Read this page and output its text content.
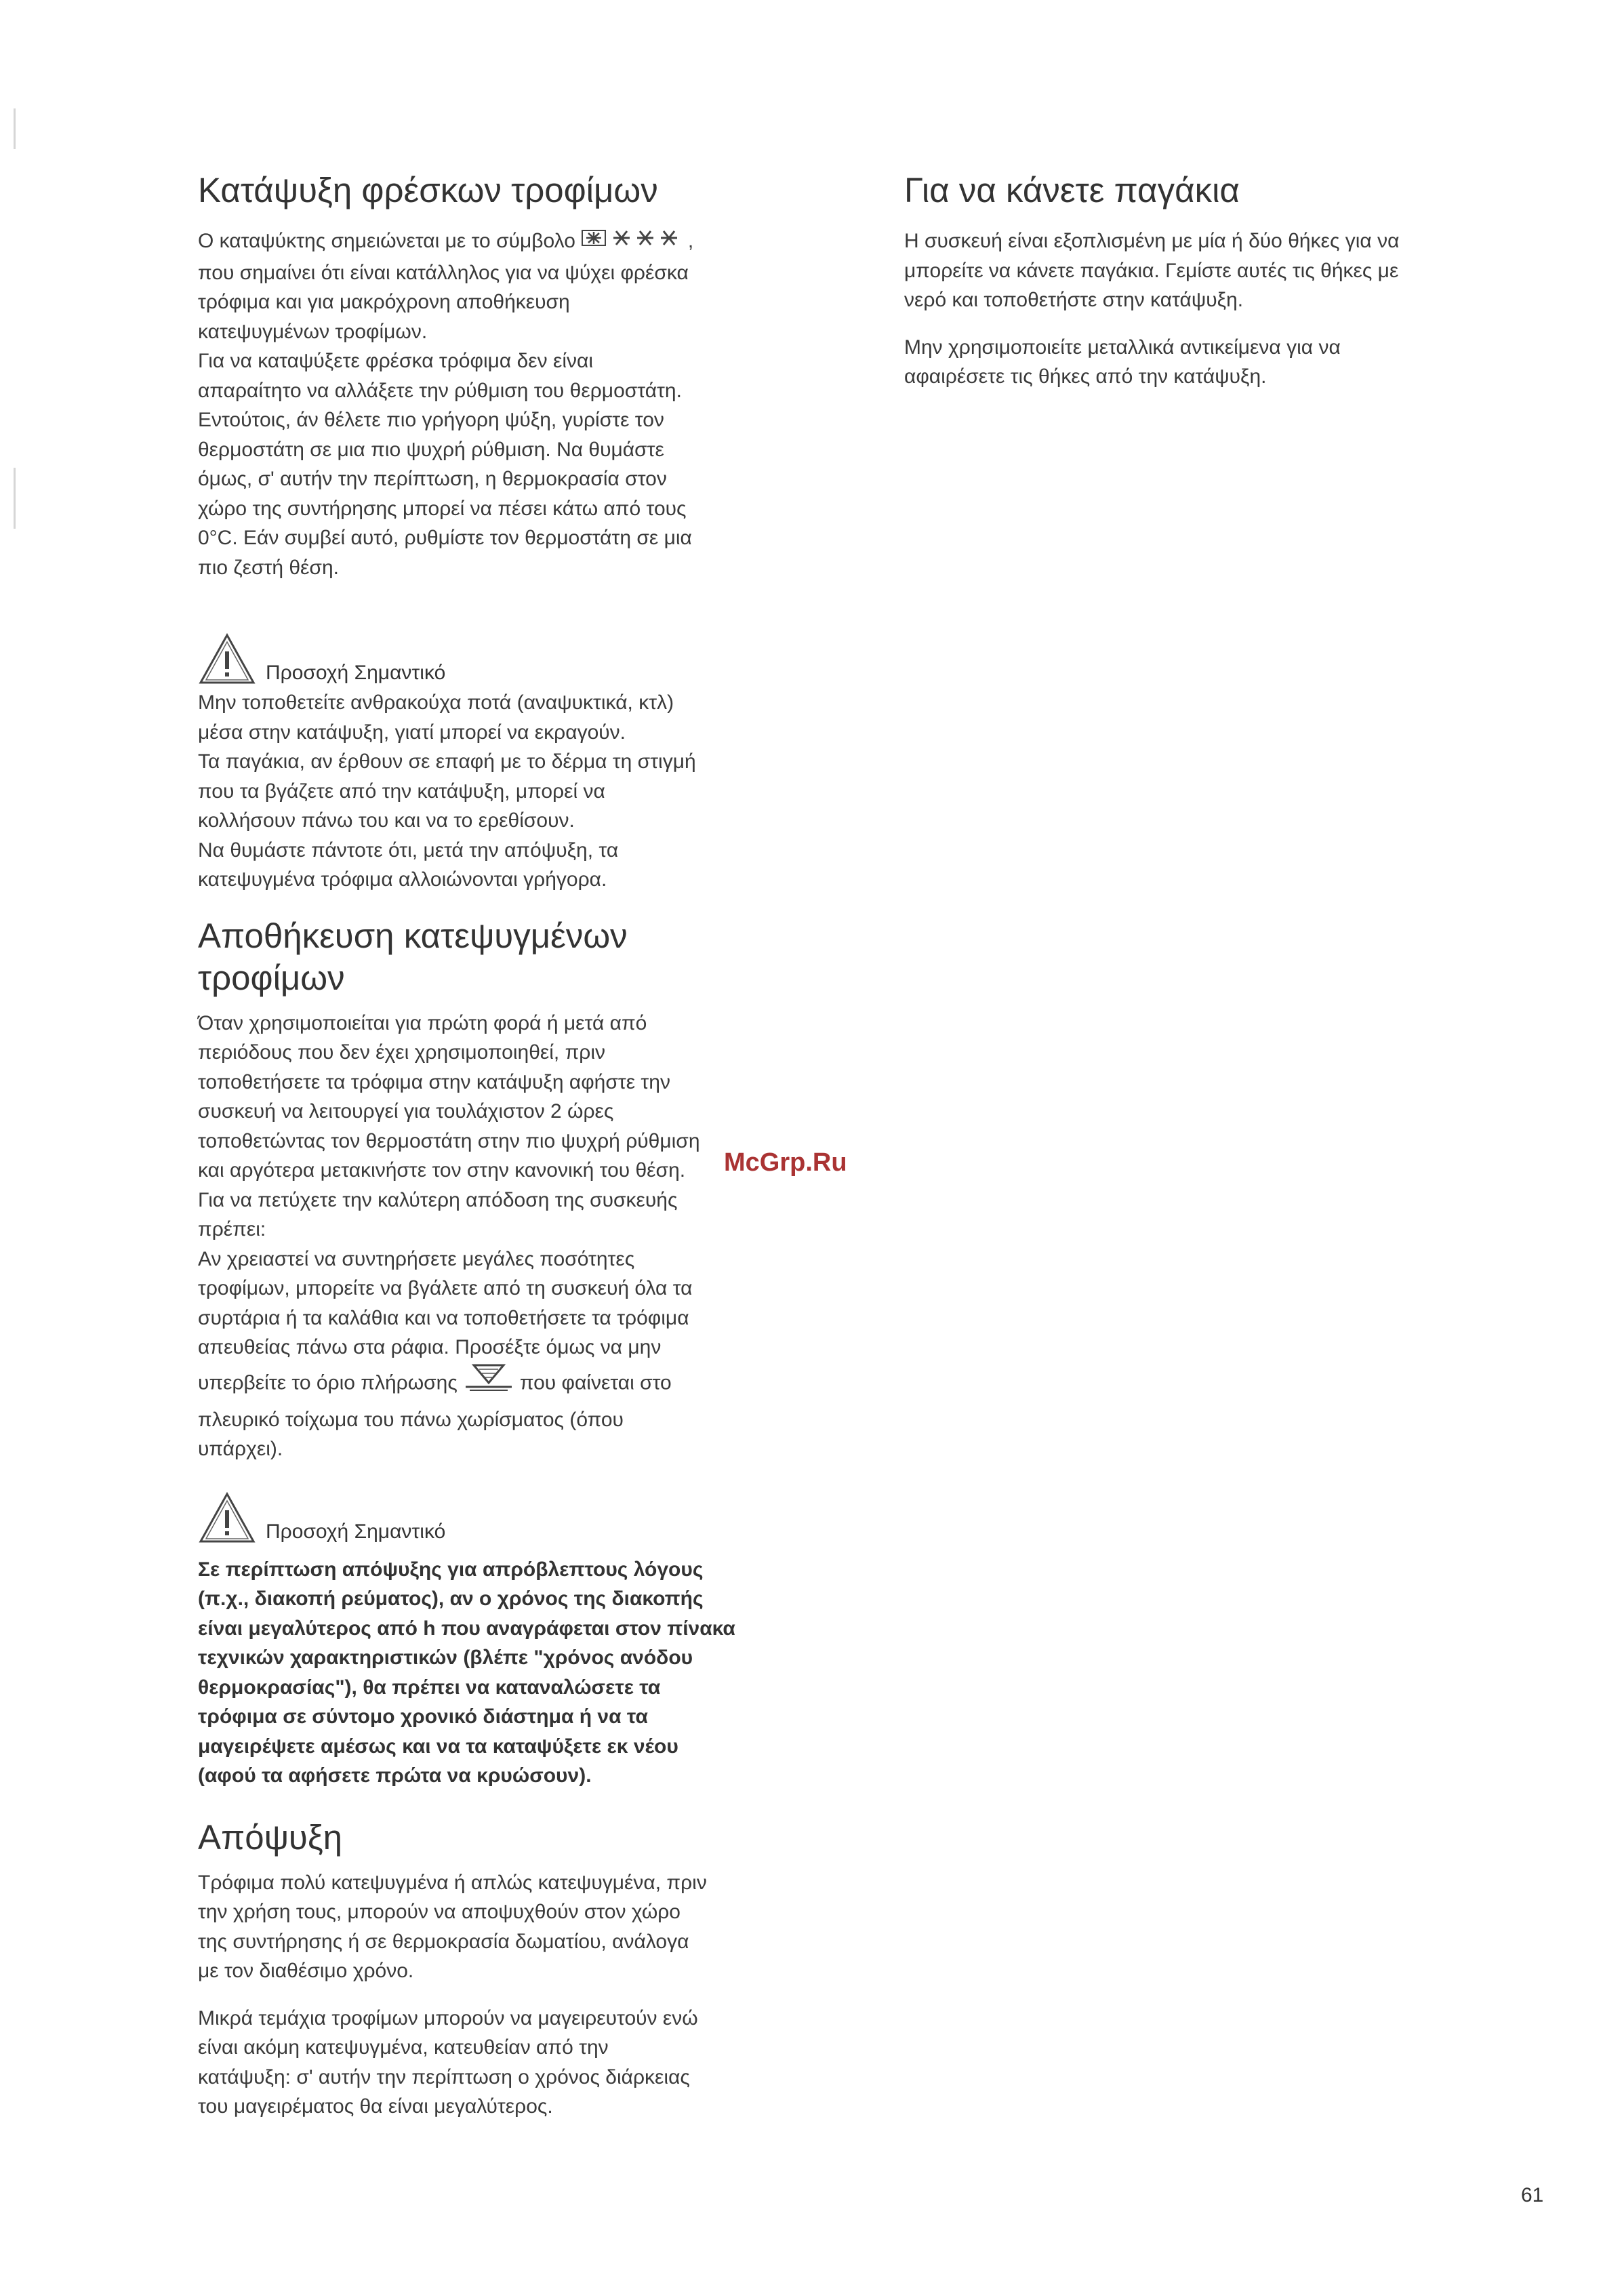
Κατάψυξη φρέσκων τροφίμων

Ο καταψύκτης σημειώνεται με το σύμβολο	,

που σημαίνει ότι είναι κατάλληλος για να ψύχει φρέσκα

τρόφιμα και για μακρόχρονη αποθήκευση

κατεψυγμένων τροφίμων.

Για να καταψύξετε φρέσκα τρόφιμα δεν είναι

απαραίτητο να αλλάξετε την ρύθμιση του θερμοστάτη.

Εντούτοις, άν θέλετε πιο γρήγορη ψύξη, γυρίστε τον

θερμοστάτη σε μια πιο ψυχρή ρύθμιση. Να θυμάστε

όμως, σ' αυτήν την περίπτωση, η θερμοκρασία στον

χώρο της συντήρησης μπορεί να πέσει κάτω από τους

0°C. Εάν συμβεί αυτό, ρυθμίστε τον θερμοστάτη σε μια

πιο ζεστή θέση.

Προσοχή Σημαντικό

Μην τοποθετείτε ανθρακούχα ποτά (αναψυκτικά, κτλ)

μέσα στην κατάψυξη, γιατί μπορεί να εκραγούν.

Τα παγάκια, αν έρθουν σε επαφή με το δέρμα τη στιγμή

που τα βγάζετε από την κατάψυξη, μπορεί να

κολλήσουν πάνω του και να το ερεθίσουν.

Να θυμάστε πάντοτε ότι, μετά την απόψυξη, τα

κατεψυγμένα τρόφιμα αλλοιώνονται γρήγορα.

Αποθήκευση κατεψυγμένων
τροφίμων

Όταν χρησιμοποιείται για πρώτη φορά ή μετά από

περιόδους που δεν έχει χρησιμοποιηθεί, πριν

τοποθετήσετε τα τρόφιμα στην κατάψυξη αφήστε την

συσκευή να λειτουργεί για τουλάχιστον 2 ώρες

τοποθετώντας τον θερμοστάτη στην πιο ψυχρή ρύθμιση

και αργότερα μετακινήστε τον στην κανονική του θέση.

Για να πετύχετε την καλύτερη απόδοση της συσκευής

πρέπει:

Αν χρειαστεί να συντηρήσετε μεγάλες ποσότητες

τροφίμων, μπορείτε να βγάλετε από τη συσκευή όλα τα

συρτάρια ή τα καλάθια και να τοποθετήσετε τα τρόφιμα

απευθείας πάνω στα ράφια. Προσέξτε όμως να μην

υπερβείτε το όριο πλήρωσης	που φαίνεται στο

πλευρικό τοίχωμα του πάνω χωρίσματος (όπου

υπάρχει).

Προσοχή Σημαντικό

Σε περίπτωση απόψυξης για απρόβλεπτους λόγους

(π.χ., διακοπή ρεύματος), αν ο χρόνος της διακοπής

είναι μεγαλύτερος από h που αναγράφεται στον πίνακα

τεχνικών χαρακτηριστικών (βλέπε "χρόνος ανόδου

θερμοκρασίας"), θα πρέπει να καταναλώσετε τα

τρόφιμα σε σύντομο χρονικό διάστημα ή να τα

μαγειρέψετε αμέσως και να τα καταψύξετε εκ νέου

(αφού τα αφήσετε πρώτα να κρυώσουν).

Απόψυξη

Τρόφιμα πολύ κατεψυγμένα ή απλώς κατεψυγμένα, πριν

την χρήση τους, μπορούν να αποψυχθούν στον χώρο

της συντήρησης ή σε θερμοκρασία δωματίου, ανάλογα

με τον διαθέσιμο χρόνο.

Μικρά τεμάχια τροφίμων μπορούν να μαγειρευτούν ενώ

είναι ακόμη κατεψυγμένα, κατευθείαν από την

κατάψυξη: σ' αυτήν την περίπτωση ο χρόνος διάρκειας

του μαγειρέματος θα είναι μεγαλύτερος.

Για να κάνετε παγάκια

Η συσκευή είναι εξοπλισμένη με μία ή δύο θήκες για να

μπορείτε να κάνετε παγάκια. Γεμίστε αυτές τις θήκες με

νερό και τοποθετήστε στην κατάψυξη.

Μην χρησιμοποιείτε μεταλλικά αντικείμενα για να

αφαιρέσετε τις θήκες από την κατάψυξη.

McGrp.Ru
61
